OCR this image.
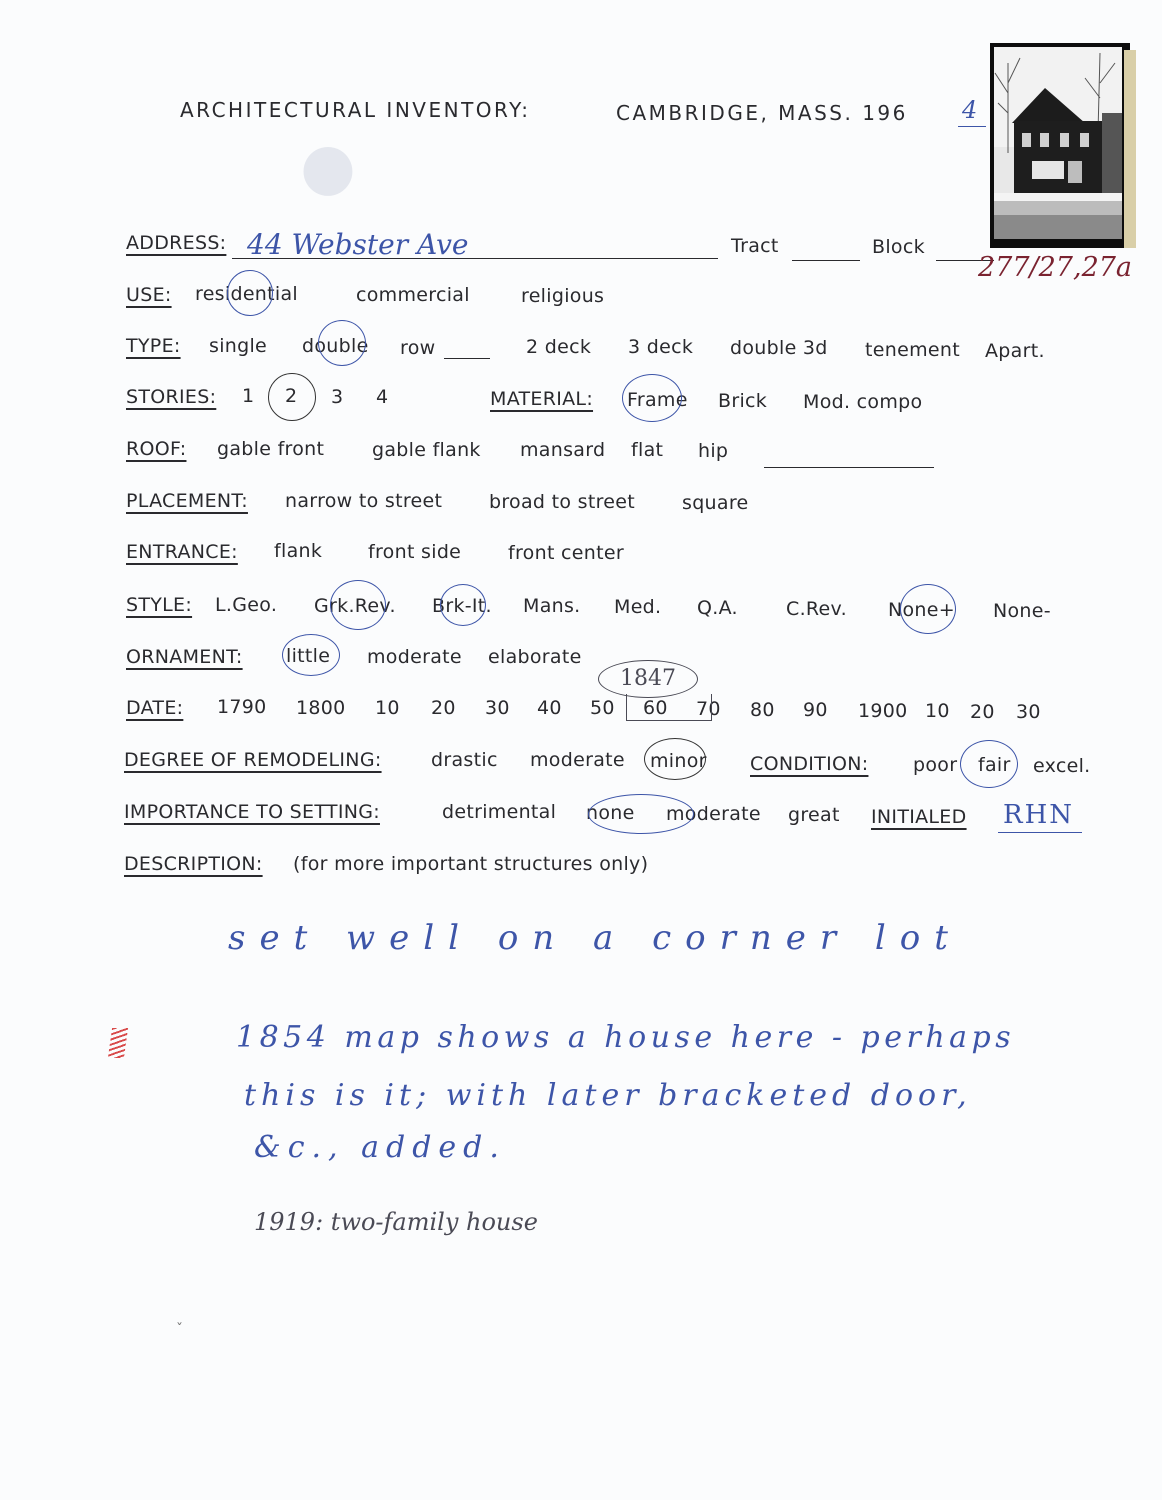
●
ARCHITECTURAL INVENTORY:	CAMBRIDGE, MASS. 196 4
ADDRESS: 44 Webster Ave	Tract	Block
277/27,27a
USE: residential	commercial	religious
TYPE: single double row	2 deck 3 deck double 3d tenement Apart.
STORIES: 1 2 3 4	MATERIAL: Frame Brick Mod. compo
ROOF: gable front	gable flank mansard flat hip
PLACEMENT: narrow to street broad to street square
ENTRANCE: flank front side front center
STYLE: L.Geo. Grk.Rev. Brk-It. Mans. Med. Q.A.	C.Rev. None+ None-
ORNAMENT: little moderate elaborate
1847
DATE: 1790 1800 10 20 30 40 50 60 70 80 90 1900 10 20 30
DEGREE OF REMODELING:	drastic moderate minor CONDITION: poor fair excel.
IMPORTANCE TO SETTING:	detrimental none moderate great INITIALED RHN
DESCRIPTION: (for more important structures only)
set well on a corner lot
1854 map shows a house here - perhaps
this is it; with later bracketed door,
&c., added.
1919: two-family house
ˇ
